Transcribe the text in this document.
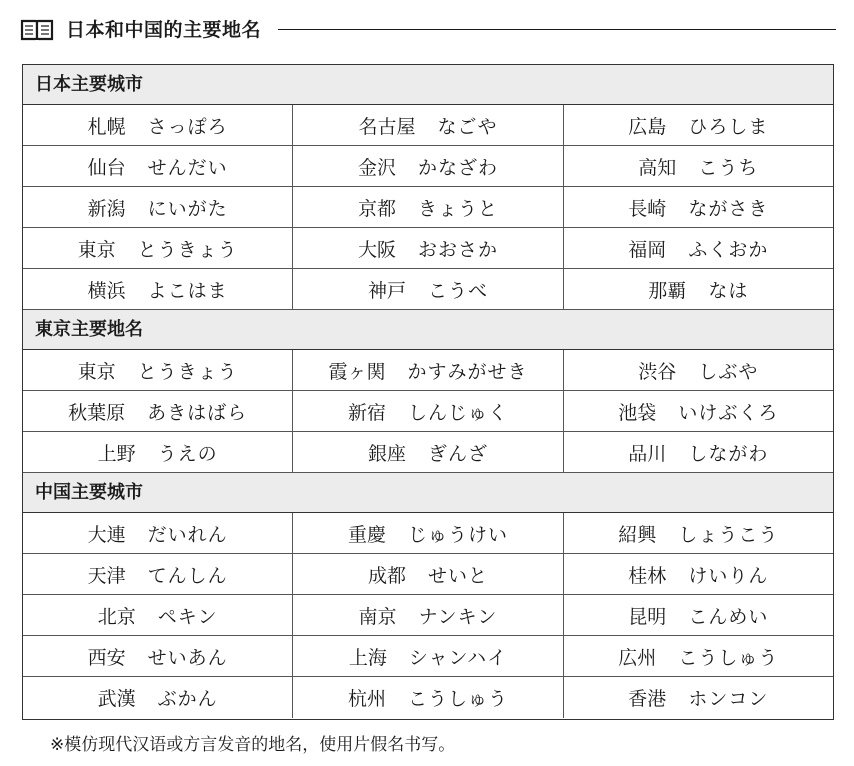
日本和中国的主要地名
日本主要城市
札幌 さっぽろ	名古屋 なごや	広島 ひろしま
仙台 せんだい	金沢 かなざわ	高知 こうち
新潟 にいがた	京都 きょうと	長崎 ながさき
東京 とうきょう	大阪 おおさか	福岡 ふくおか
横浜 よこはま	神戸 こうべ	那覇 なは
東京主要地名
東京 とうきょう	霞ヶ関 かすみがせき	渋谷 しぶや
秋葉原 あきはばら	新宿 しんじゅく	池袋 いけぶくろ
上野 うえの	銀座 ぎんざ	品川 しながわ
中国主要城市
大連 だいれん	重慶 じゅうけい	紹興 しょうこう
天津 てんしん	成都 せいと	桂林 けいりん
北京 ペキン	南京 ナンキン	昆明 こんめい
西安 せいあん	上海 シャンハイ	広州 こうしゅう
武漢 ぶかん	杭州 こうしゅう	香港 ホンコン
※模仿现代汉语或方言发音的地名，使用片假名书写。
